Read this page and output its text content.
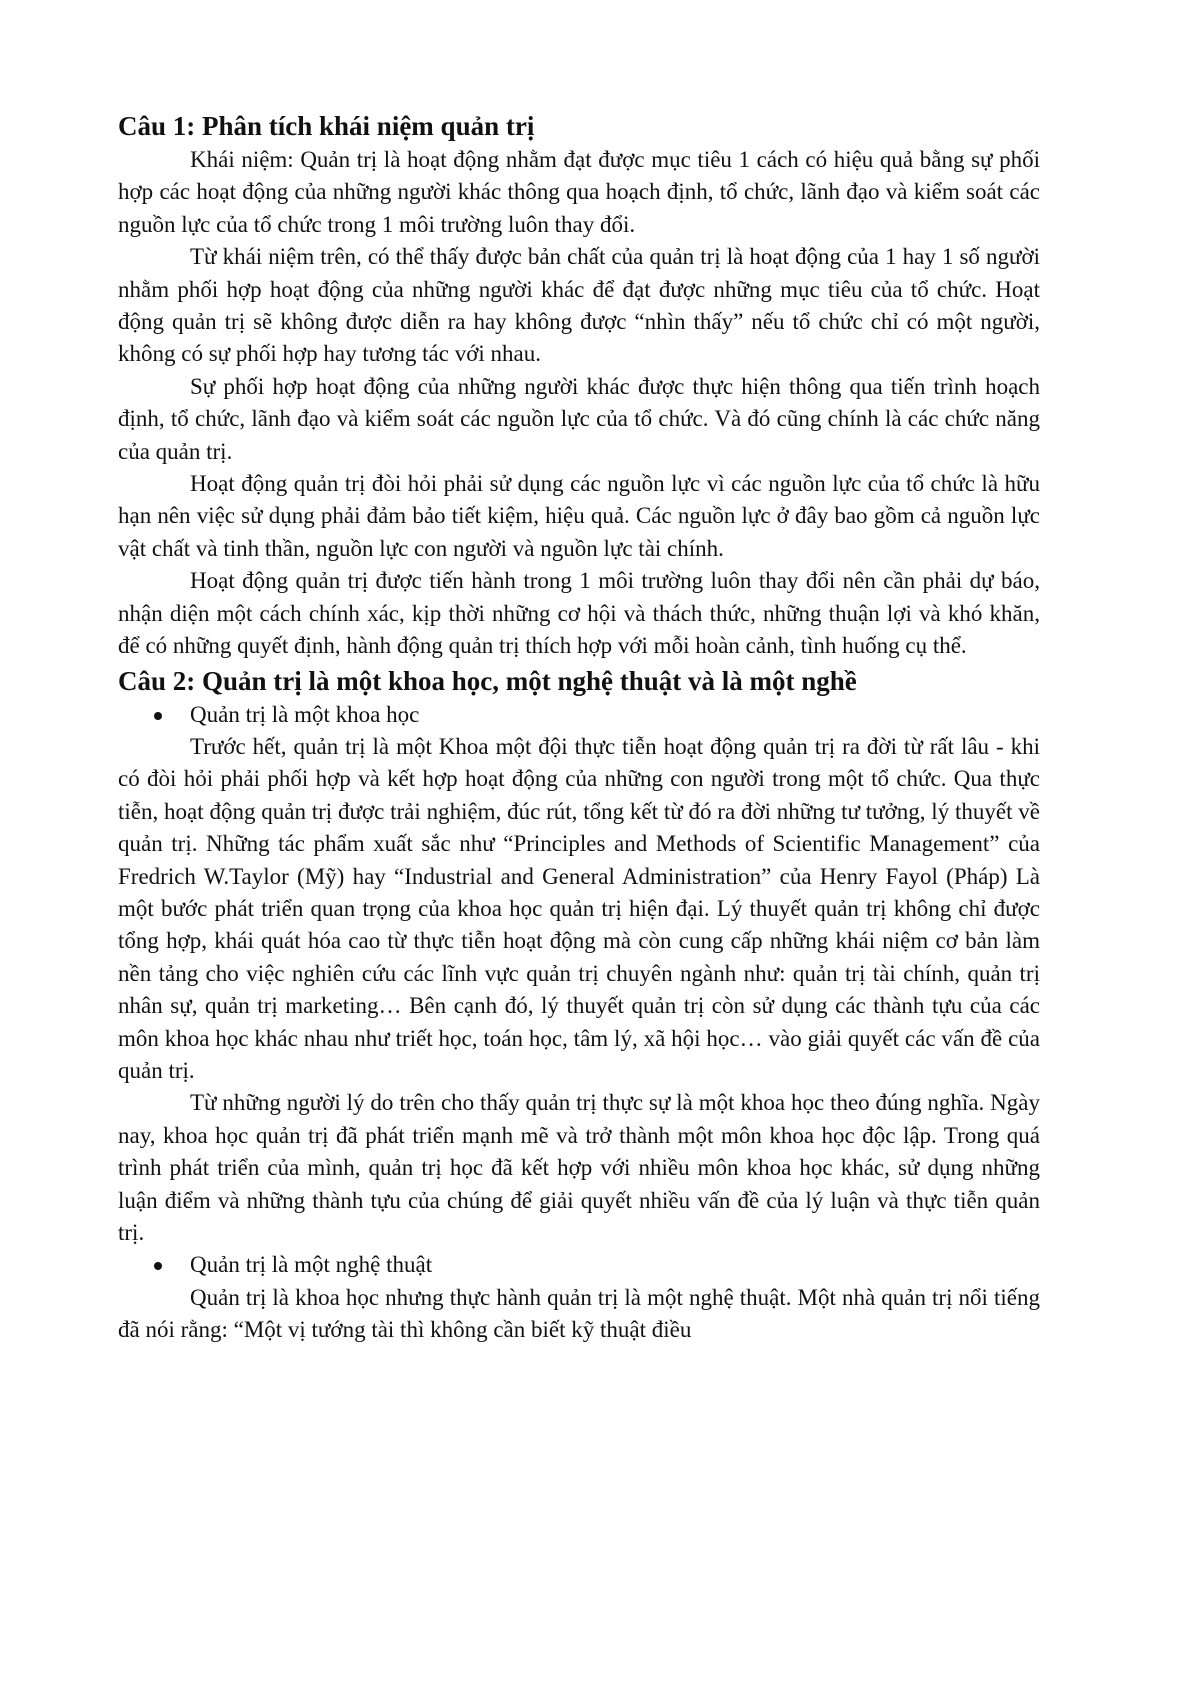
Câu 1: Phân tích khái niệm quản trị

Khái niệm: Quản trị là hoạt động nhằm đạt được mục tiêu 1 cách có hiệu quả bằng sự phối hợp các hoạt động của những người khác thông qua hoạch định, tổ chức, lãnh đạo và kiểm soát các nguồn lực của tổ chức trong 1 môi trường luôn thay đổi.

Từ khái niệm trên, có thể thấy được bản chất của quản trị là hoạt động của 1 hay 1 số người nhằm phối hợp hoạt động của những người khác để đạt được những mục tiêu của tổ chức. Hoạt động quản trị sẽ không được diễn ra hay không được “nhìn thấy” nếu tổ chức chỉ có một người, không có sự phối hợp hay tương tác với nhau.

Sự phối hợp hoạt động của những người khác được thực hiện thông qua tiến trình hoạch định, tổ chức, lãnh đạo và kiểm soát các nguồn lực của tổ chức. Và đó cũng chính là các chức năng của quản trị.

Hoạt động quản trị đòi hỏi phải sử dụng các nguồn lực vì các nguồn lực của tổ chức là hữu hạn nên việc sử dụng phải đảm bảo tiết kiệm, hiệu quả. Các nguồn lực ở đây bao gồm cả nguồn lực vật chất và tinh thần, nguồn lực con người và nguồn lực tài chính.

Hoạt động quản trị được tiến hành trong 1 môi trường luôn thay đổi nên cần phải dự báo, nhận diện một cách chính xác, kịp thời những cơ hội và thách thức, những thuận lợi và khó khăn, để có những quyết định, hành động quản trị thích hợp với mỗi hoàn cảnh, tình huống cụ thể.

Câu 2: Quản trị là một khoa học, một nghệ thuật và là một nghề
Quản trị là một khoa học

Trước hết, quản trị là một Khoa một đội thực tiễn hoạt động quản trị ra đời từ rất lâu - khi có đòi hỏi phải phối hợp và kết hợp hoạt động của những con người trong một tổ chức. Qua thực tiễn, hoạt động quản trị được trải nghiệm, đúc rút, tổng kết từ đó ra đời những tư tưởng, lý thuyết về quản trị. Những tác phẩm xuất sắc như “Principles and Methods of Scientific Management” của Fredrich W.Taylor (Mỹ) hay “Industrial and General Administration” của Henry Fayol (Pháp) Là một bước phát triển quan trọng của khoa học quản trị hiện đại. Lý thuyết quản trị không chỉ được tổng hợp, khái quát hóa cao từ thực tiễn hoạt động mà còn cung cấp những khái niệm cơ bản làm nền tảng cho việc nghiên cứu các lĩnh vực quản trị chuyên ngành như: quản trị tài chính, quản trị nhân sự, quản trị marketing… Bên cạnh đó, lý thuyết quản trị còn sử dụng các thành tựu của các môn khoa học khác nhau như triết học, toán học, tâm lý, xã hội học… vào giải quyết các vấn đề của quản trị.

Từ những người lý do trên cho thấy quản trị thực sự là một khoa học theo đúng nghĩa. Ngày nay, khoa học quản trị đã phát triển mạnh mẽ và trở thành một môn khoa học độc lập. Trong quá trình phát triển của mình, quản trị học đã kết hợp với nhiều môn khoa học khác, sử dụng những luận điểm và những thành tựu của chúng để giải quyết nhiều vấn đề của lý luận và thực tiễn quản trị.

Quản trị là một nghệ thuật

Quản trị là khoa học nhưng thực hành quản trị là một nghệ thuật. Một nhà quản trị nổi tiếng đã nói rằng: “Một vị tướng tài thì không cần biết kỹ thuật điều
